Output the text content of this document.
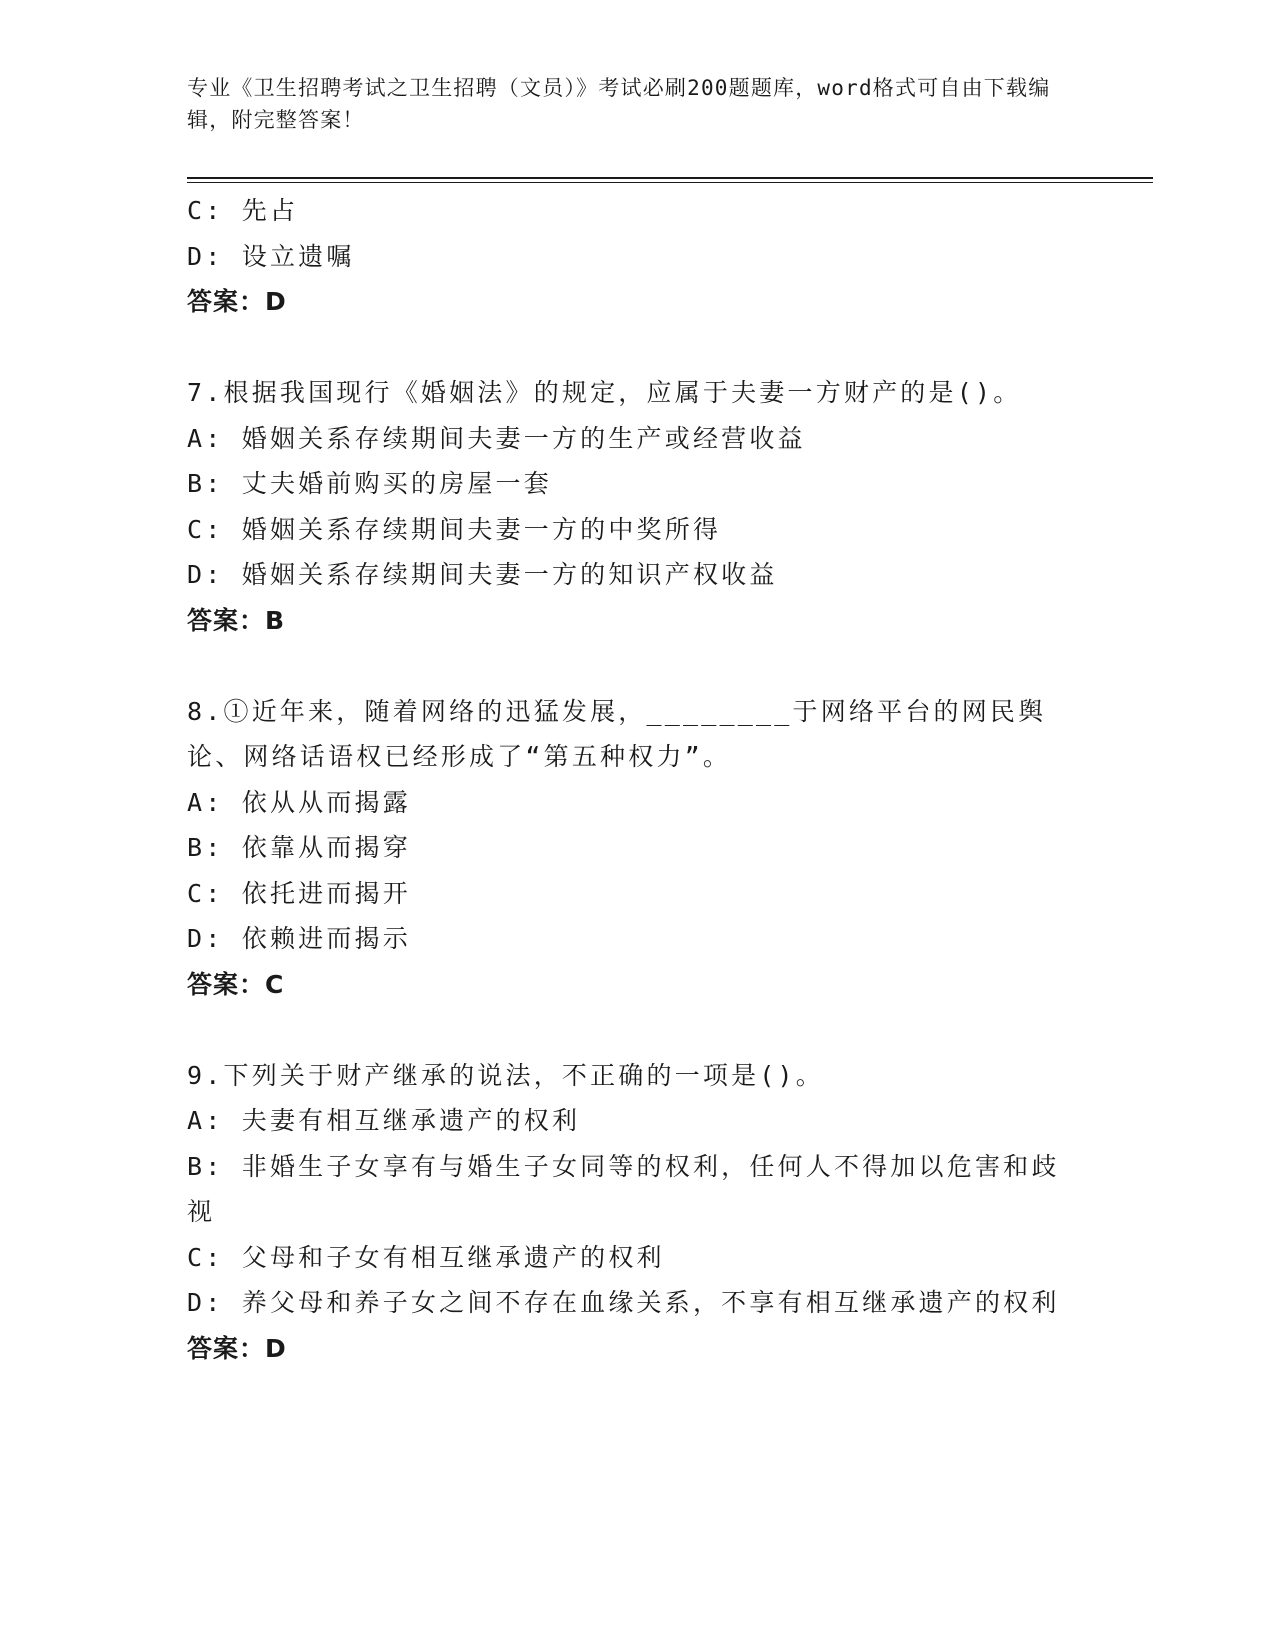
专业《卫生招聘考试之卫生招聘（文员）》考试必刷200题题库，word格式可自由下载编辑，附完整答案！
C: 先占
D: 设立遗嘱
答案：D
7.根据我国现行《婚姻法》的规定，应属于夫妻一方财产的是()。
A: 婚姻关系存续期间夫妻一方的生产或经营收益
B: 丈夫婚前购买的房屋一套
C: 婚姻关系存续期间夫妻一方的中奖所得
D: 婚姻关系存续期间夫妻一方的知识产权收益
答案：B
8.①近年来，随着网络的迅猛发展，________于网络平台的网民舆论、网络话语权已经形成了“第五种权力”。
A: 依从从而揭露
B: 依靠从而揭穿
C: 依托进而揭开
D: 依赖进而揭示
答案：C
9.下列关于财产继承的说法，不正确的一项是()。
A: 夫妻有相互继承遗产的权利
B: 非婚生子女享有与婚生子女同等的权利，任何人不得加以危害和歧视
C: 父母和子女有相互继承遗产的权利
D: 养父母和养子女之间不存在血缘关系，不享有相互继承遗产的权利
答案：D
